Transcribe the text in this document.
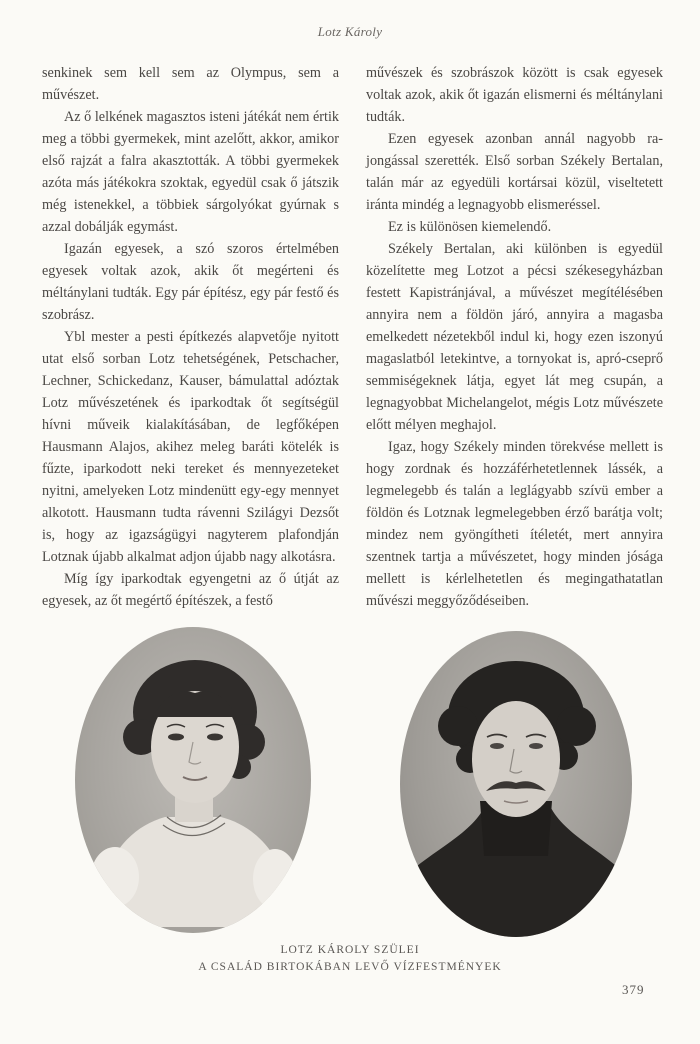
Lotz Károly

senkinek sem kell sem az Olympus, sem a művészet.

Az ő lelkének magasztos isteni játékát nem értik meg a többi gyermekek, mint azelőtt, akkor, amikor első rajzát a falra akasztották. A többi gyermekek azóta más játékokra szoktak, egyedül csak ő játszik még istenekkel, a többiek sárgolyókat gyúrnak s azzal dobálják egymást.

Igazán egyesek, a szó szoros értelmében egyesek voltak azok, akik őt megérteni és méltánylani tudták. Egy pár építész, egy pár festő és szobrász.

Ybl mester a pesti építkezés alapvetője nyitott utat első sorban Lotz tehetségének, Petschacher, Lechner, Schickedanz, Kauser, bámulattal adóztak Lotz művészetének és iparkodtak őt segítségül hívni műveik kialakításában, de legfőképen Hausmann Alajos, akihez meleg baráti kötelék is fűzte, iparkodott neki tereket és mennyezeteket nyitni, amelyeken Lotz mindenütt egy-egy mennyet alkotott. Hausmann tudta rávenni Szilágyi Dezsőt is, hogy az igazságügyi nagyterem plafondján Lotznak újabb alkalmat adjon újabb nagy alkotásra.

Míg így iparkodtak egyengetni az ő útját az egyesek, az őt megértő építészek, a festő

művészek és szobrászok között is csak egyesek voltak azok, akik őt igazán elismerni és méltánylani tudták.

Ezen egyesek azonban annál nagyobb rajongással szerették. Első sorban Székely Bertalan, talán már az egyedüli kortársai közül, viseltetett iránta mindég a legnagyobb elismeréssel.

Ez is különösen kiemelendő.

Székely Bertalan, aki különben is egyedül közelítette meg Lotzot a pécsi székesegyházban festett Kapistránjával, a művészet megítélésében annyira nem a földön járó, annyira a magasba emelkedett nézetekből indul ki, hogy ezen iszonyú magaslatból letekintve, a tornyokat is, apró-cseprő semmiségeknek látja, egyet lát meg csupán, a legnagyobbat Michelangelot, mégis Lotz művészete előtt mélyen meghajol.

Igaz, hogy Székely minden törekvése mellett is hogy zordnak és hozzáférhetetlennek lássék, a legmelegebb és talán a leglágyabb szívü ember a földön és Lotznak legmelegebben érző barátja volt; mindez nem gyöngítheti ítéletét, mert annyira szentnek tartja a művészetet, hogy minden jósága mellett is kérlelhetetlen és megingathatatlan művészi meggyőződéseiben.

LOTZ KÁROLY SZÜLEI
A CSALÁD BIRTOKÁBAN LEVŐ VÍZFESTMÉNYEK
379
